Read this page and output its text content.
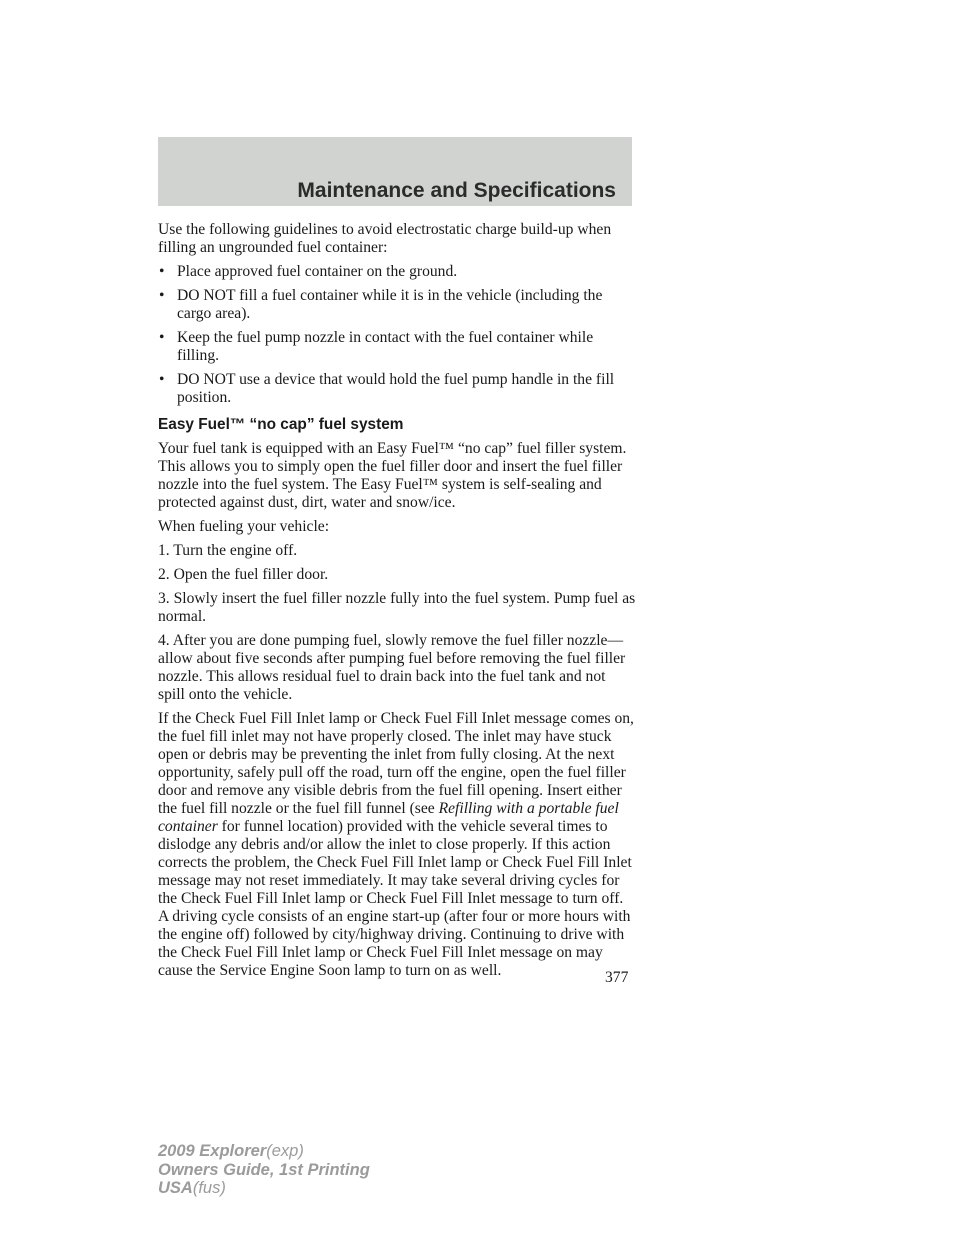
Maintenance and Specifications

Use the following guidelines to avoid electrostatic charge build-up when filling an ungrounded fuel container:

• Place approved fuel container on the ground.
• DO NOT fill a fuel container while it is in the vehicle (including the cargo area).
• Keep the fuel pump nozzle in contact with the fuel container while filling.
• DO NOT use a device that would hold the fuel pump handle in the fill position.
Easy Fuel™ “no cap” fuel system

Your fuel tank is equipped with an Easy Fuel™ “no cap” fuel filler system. This allows you to simply open the fuel filler door and insert the fuel filler nozzle into the fuel system. The Easy Fuel™ system is self-sealing and protected against dust, dirt, water and snow/ice.

When fueling your vehicle:

1. Turn the engine off.

2. Open the fuel filler door.

3. Slowly insert the fuel filler nozzle fully into the fuel system. Pump fuel as normal.

4. After you are done pumping fuel, slowly remove the fuel filler nozzle—allow about five seconds after pumping fuel before removing the fuel filler nozzle. This allows residual fuel to drain back into the fuel tank and not spill onto the vehicle.

If the Check Fuel Fill Inlet lamp or Check Fuel Fill Inlet message comes on, the fuel fill inlet may not have properly closed. The inlet may have stuck open or debris may be preventing the inlet from fully closing. At the next opportunity, safely pull off the road, turn off the engine, open the fuel filler door and remove any visible debris from the fuel fill opening. Insert either the fuel fill nozzle or the fuel fill funnel (see Refilling with a portable fuel container for funnel location) provided with the vehicle several times to dislodge any debris and/or allow the inlet to close properly. If this action corrects the problem, the Check Fuel Fill Inlet lamp or Check Fuel Fill Inlet message may not reset immediately. It may take several driving cycles for the Check Fuel Fill Inlet lamp or Check Fuel Fill Inlet message to turn off. A driving cycle consists of an engine start-up (after four or more hours with the engine off) followed by city/highway driving. Continuing to drive with the Check Fuel Fill Inlet lamp or Check Fuel Fill Inlet message on may cause the Service Engine Soon lamp to turn on as well.	377
2009 Explorer(exp)
Owners Guide, 1st Printing
USA(fus)
